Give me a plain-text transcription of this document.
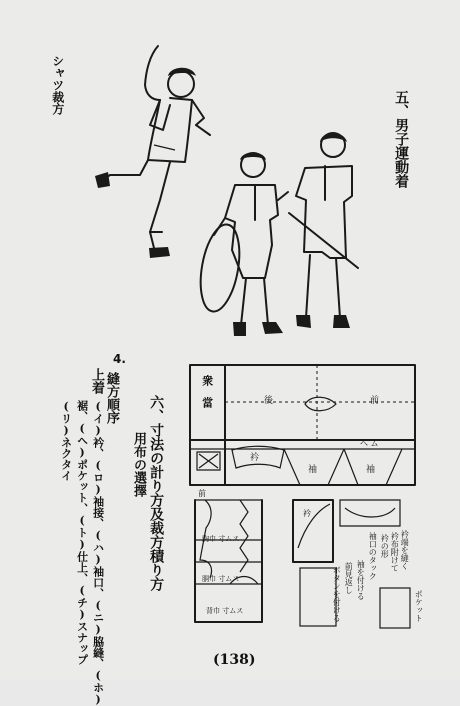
シャツ裁方
五、男子運動着
4.
縫方順序
上着
(イ)衿、(ロ)袖接、(ハ)袖口、(ニ)脇縫、(ホ)
裾、(ヘ)ポケット、(ト)仕上、(チ)スナップ
(リ)ネクタイ	六、寸法の計り方及裁方積り方
用布の選擇
衆　當	後	前
ヘ ム
衿
袖	袖
前
胸巾 寸ムス
胴巾 寸ムス
背巾 寸ムス
衿
衿端を縫く
衿布附けて
衿の形
袖口のタック
袖を付ける
前見返し
ボタンを付ける	ポケット
(138)
